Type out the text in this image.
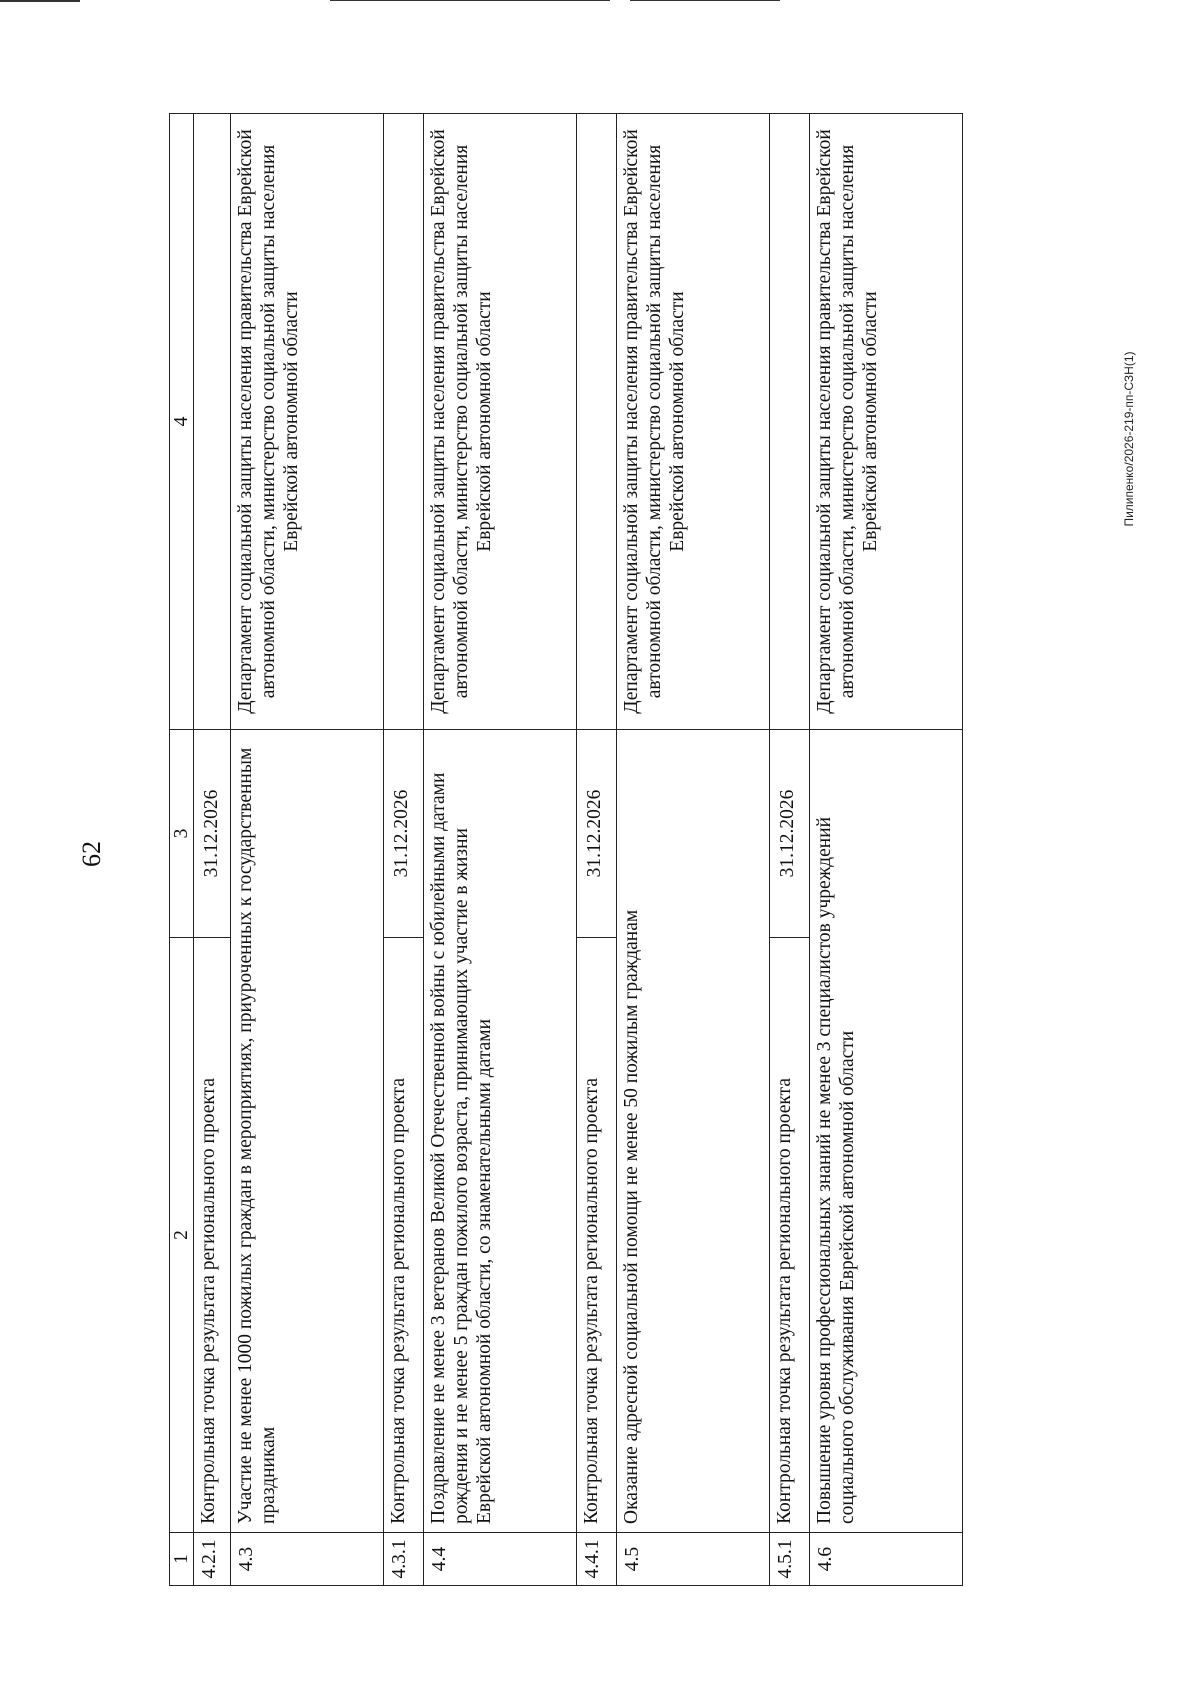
62
Пилипенко/2026-219-пп-СЗН(1)
1	2	3	4
4.2.1	Контрольная точка результата регионального проекта	31.12.2026	
4.3	Участие не менее 1000 пожилых граждан в мероприятиях, приуроченных к государственным праздникам		Департамент социальной защиты населения правительства Еврейской автономной области, министерство социальной защиты населения Еврейской автономной области
4.3.1	Контрольная точка результата регионального проекта	31.12.2026	
4.4	Поздравление не менее 3 ветеранов Великой Отечественной войны с юбилейными датами рождения и не менее 5 граждан пожилого возраста, принимающих участие в жизни Еврейской автономной области, со знаменательными датами		Департамент социальной защиты населения правительства Еврейской автономной области, министерство социальной защиты населения Еврейской автономной области
4.4.1	Контрольная точка результата регионального проекта	31.12.2026	
4.5	Оказание адресной социальной помощи не менее 50 пожилым гражданам		Департамент социальной защиты населения правительства Еврейской автономной области, министерство социальной защиты населения Еврейской автономной области
4.5.1	Контрольная точка результата регионального проекта	31.12.2026	
4.6	Повышение уровня профессиональных знаний не менее 3 специалистов учреждений социального обслуживания Еврейской автономной области		Департамент социальной защиты населения правительства Еврейской автономной области, министерство социальной защиты населения Еврейской автономной области
